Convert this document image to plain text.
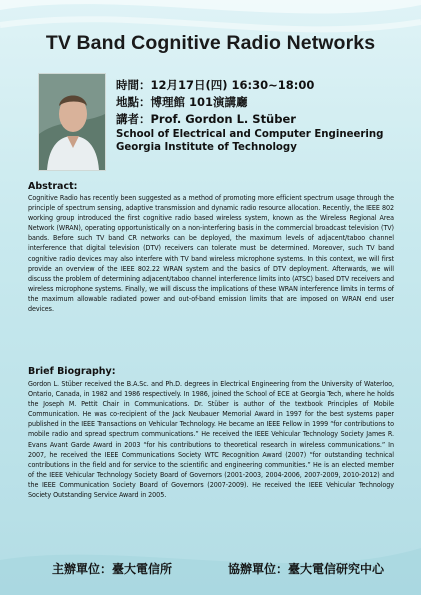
TV Band Cognitive Radio Networks
時間：12月17日(四) 16:30~18:00
地點：博理館 101演講廳
講者：Prof. Gordon L. Stüber
School of Electrical and Computer Engineering
Georgia Institute of Technology
Abstract:
Cognitive Radio has recently been suggested as a method of promoting more efficient spectrum usage through the principle of spectrum sensing, adaptive transmission and dynamic radio resource allocation. Recently, the IEEE 802 working group introduced the first cognitive radio based wireless system, known as the Wireless Regional Area Network (WRAN), operating opportunistically on a non-interfering basis in the commercial broadcast television (TV) bands. Before such TV band CR networks can be deployed, the maximum levels of adjacent/taboo channel interference that digital television (DTV) receivers can tolerate must be determined. Moreover, such TV band cognitive radio devices may also interfere with TV band wireless microphone systems. In this context, we will first provide an overview of the IEEE 802.22 WRAN system and the basics of DTV deployment. Afterwards, we will discuss the problem of determining adjacent/taboo channel interference limits into (ATSC) based DTV receivers and wireless microphone systems. Finally, we will discuss the implications of these WRAN interference limits in terms of the maximum allowable radiated power and out-of-band emission limits that are imposed on WRAN end user devices.
Brief Biography:
Gordon L. Stüber received the B.A.Sc. and Ph.D. degrees in Electrical Engineering from the University of Waterloo, Ontario, Canada, in 1982 and 1986 respectively. In 1986, joined the School of ECE at Georgia Tech, where he holds the Joseph M. Pettit Chair in Communications. Dr. Stüber is author of the textbook Principles of Mobile Communication. He was co-recipient of the Jack Neubauer Memorial Award in 1997 for the best systems paper published in the IEEE Transactions on Vehicular Technology. He became an IEEE Fellow in 1999 “for contributions to mobile radio and spread spectrum communications.” He received the IEEE Vehicular Technology Society James R. Evans Avant Garde Award in 2003 “for his contributions to theoretical research in wireless communications.” In 2007, he received the IEEE Communications Society WTC Recognition Award (2007) “for outstanding technical contributions in the field and for service to the scientific and engineering communities.” He is an elected member of the IEEE Vehicular Technology Society Board of Governors (2001-2003, 2004-2006, 2007-2009, 2010-2012) and the IEEE Communication Society Board of Governors (2007-2009). He received the IEEE Vehicular Technology Society Outstanding Service Award in 2005.
主辦單位：臺大電信所	協辦單位：臺大電信研究中心
